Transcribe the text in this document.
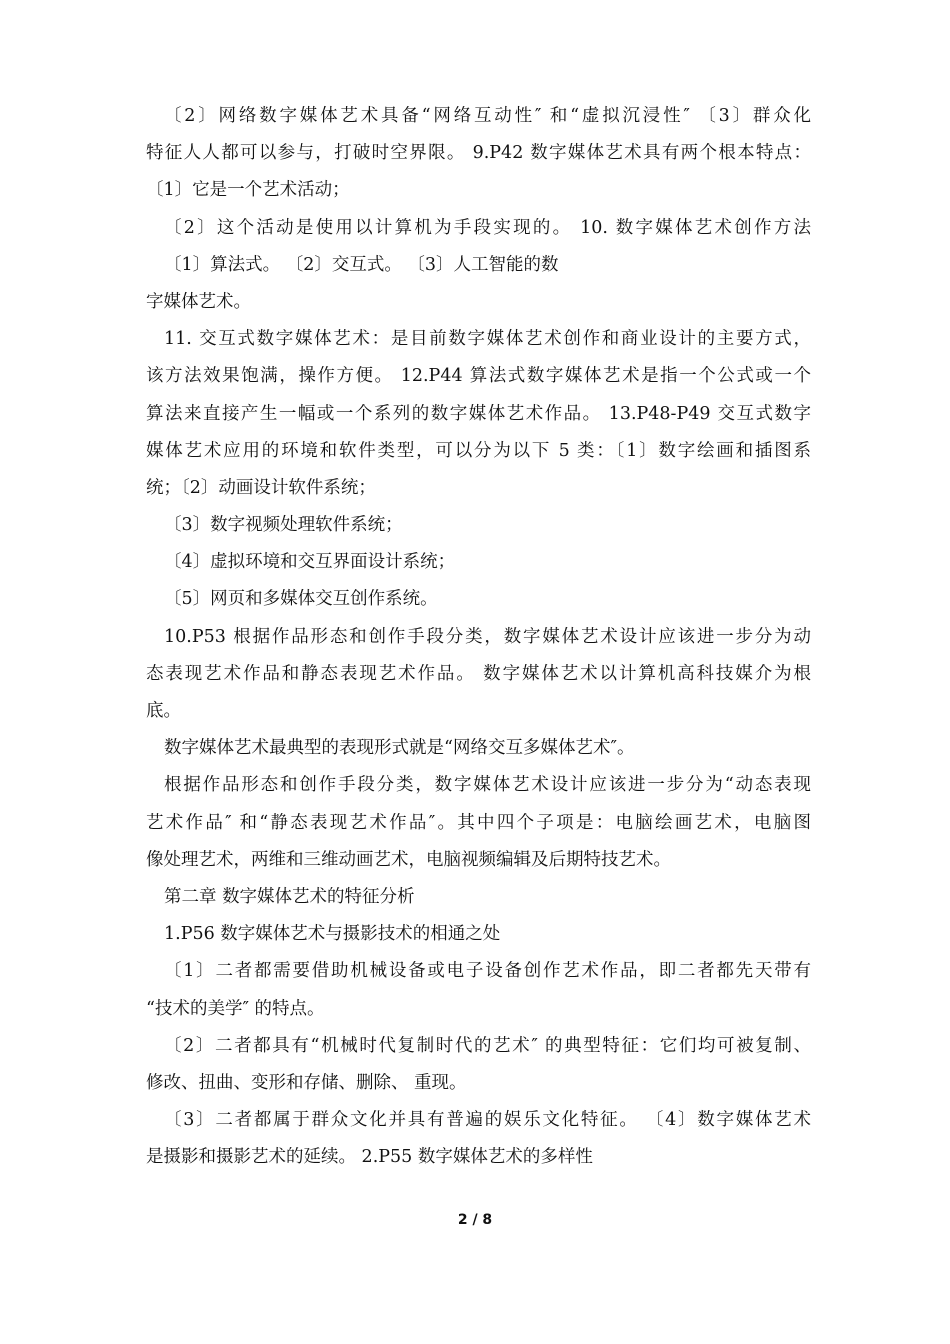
〔2〕网络数字媒体艺术具备“网络互动性″ 和“虚拟沉浸性″ 〔3〕群众化
特征人人都可以参与，打破时空界限。 9.P42 数字媒体艺术具有两个根本特点：
〔1〕它是一个艺术活动；
〔2〕这个活动是使用以计算机为手段实现的。 10. 数字媒体艺术创作方法
〔1〕算法式。 〔2〕交互式。 〔3〕人工智能的数
字媒体艺术。
11. 交互式数字媒体艺术：是目前数字媒体艺术创作和商业设计的主要方式，
该方法效果饱满，操作方便。 12.P44 算法式数字媒体艺术是指一个公式或一个
算法来直接产生一幅或一个系列的数字媒体艺术作品。 13.P48-P49 交互式数字
媒体艺术应用的环境和软件类型，可以分为以下 5 类：〔1〕数字绘画和插图系
统；〔2〕动画设计软件系统；
〔3〕数字视频处理软件系统；
〔4〕虚拟环境和交互界面设计系统；
〔5〕网页和多媒体交互创作系统。
10.P53 根据作品形态和创作手段分类，数字媒体艺术设计应该进一步分为动
态表现艺术作品和静态表现艺术作品。 数字媒体艺术以计算机高科技媒介为根
底。
数字媒体艺术最典型的表现形式就是“网络交互多媒体艺术″。
根据作品形态和创作手段分类，数字媒体艺术设计应该进一步分为“动态表现
艺术作品″ 和“静态表现艺术作品″。其中四个子项是：电脑绘画艺术，电脑图
像处理艺术，两维和三维动画艺术，电脑视频编辑及后期特技艺术。
第二章 数字媒体艺术的特征分析
1.P56 数字媒体艺术与摄影技术的相通之处
〔1〕二者都需要借助机械设备或电子设备创作艺术作品，即二者都先天带有
“技术的美学″ 的特点。
〔2〕二者都具有“机械时代复制时代的艺术″ 的典型特征：它们均可被复制、
修改、扭曲、变形和存储、删除、 重现。
〔3〕二者都属于群众文化并具有普遍的娱乐文化特征。 〔4〕数字媒体艺术
是摄影和摄影艺术的延续。 2.P55 数字媒体艺术的多样性
2 / 8
